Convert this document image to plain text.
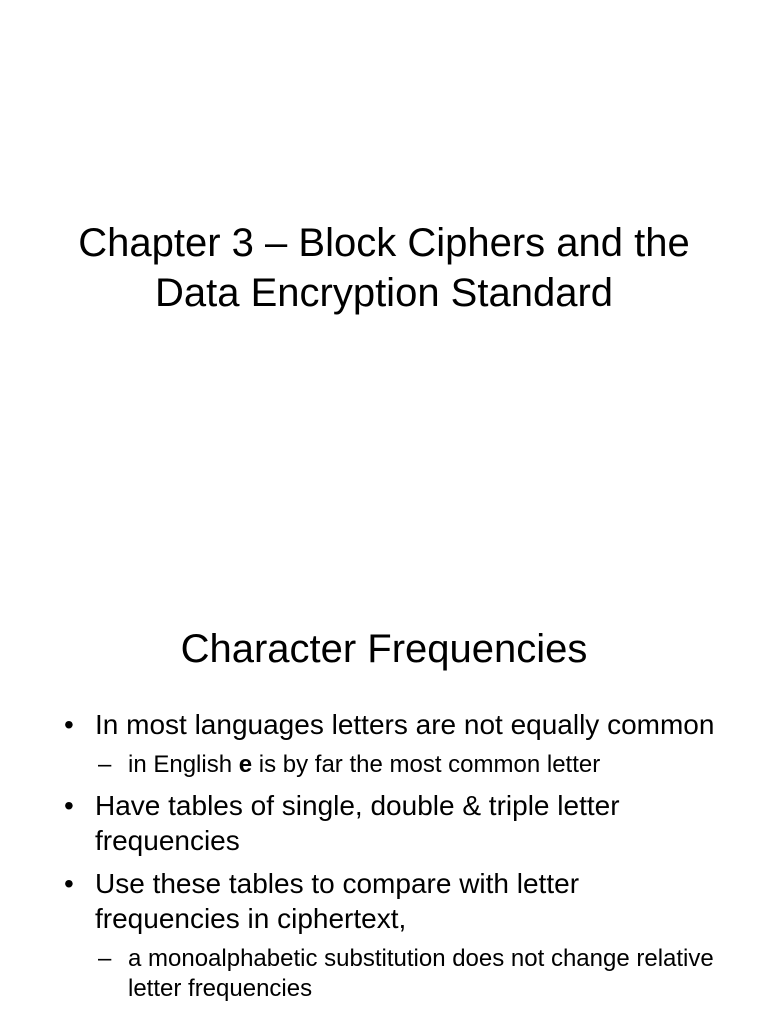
Chapter 3 – Block Ciphers and the
Data Encryption Standard
Character Frequencies
• In most languages letters are not equally common
– in English e is by far the most common letter
• Have tables of single, double & triple letter frequencies
• Use these tables to compare with letter frequencies in ciphertext,
– a monoalphabetic substitution does not change relative letter frequencies
